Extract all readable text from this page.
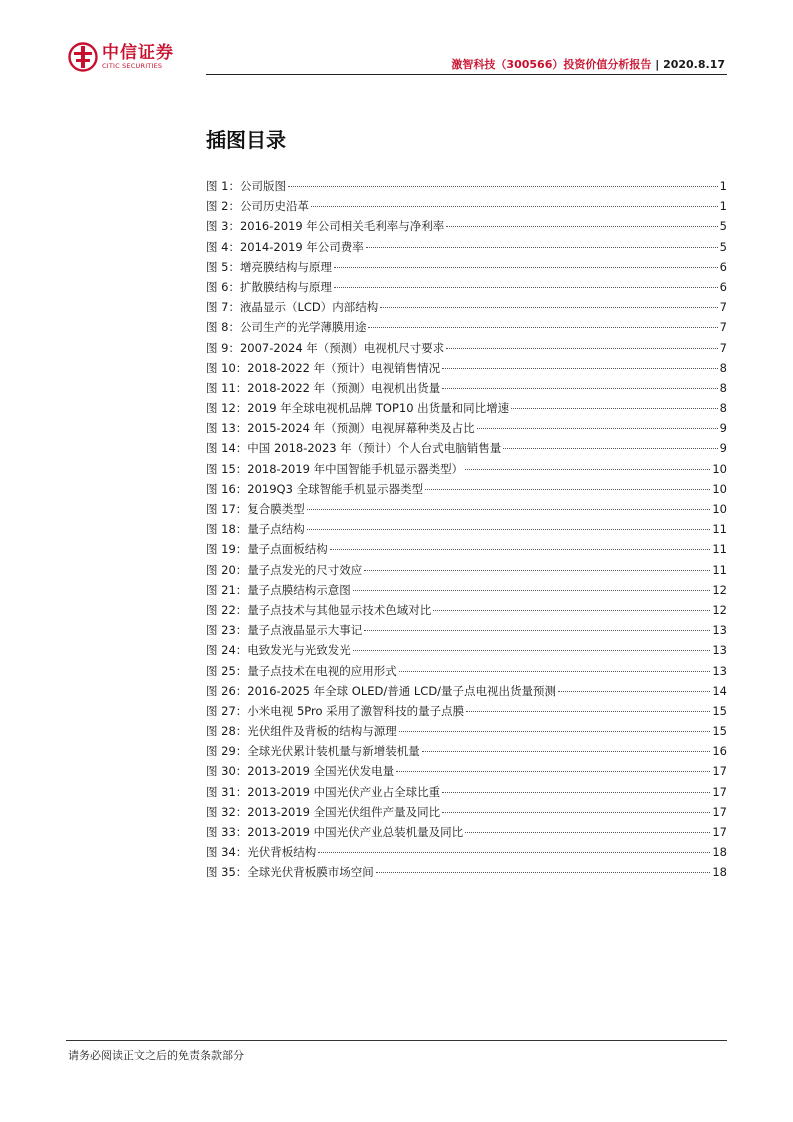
中信证券
CITIC SECURITIES	激智科技（300566）投资价值分析报告 | 2020.8.17
插图目录
图 1：公司版图	1
图 2：公司历史沿革	1
图 3：2016-2019 年公司相关毛利率与净利率	5
图 4：2014-2019 年公司费率	5
图 5：增亮膜结构与原理	6
图 6：扩散膜结构与原理	6
图 7：液晶显示（LCD）内部结构	7
图 8：公司生产的光学薄膜用途	7
图 9：2007-2024 年（预测）电视机尺寸要求	7
图 10：2018-2022 年（预计）电视销售情况	8
图 11：2018-2022 年（预测）电视机出货量	8
图 12：2019 年全球电视机品牌 TOP10 出货量和同比增速	8
图 13：2015-2024 年（预测）电视屏幕种类及占比	9
图 14：中国 2018-2023 年（预计）个人台式电脑销售量	9
图 15：2018-2019 年中国智能手机显示器类型）	10
图 16：2019Q3 全球智能手机显示器类型	10
图 17：复合膜类型	10
图 18：量子点结构	11
图 19：量子点面板结构	11
图 20：量子点发光的尺寸效应	11
图 21：量子点膜结构示意图	12
图 22：量子点技术与其他显示技术色域对比	12
图 23：量子点液晶显示大事记	13
图 24：电致发光与光致发光	13
图 25：量子点技术在电视的应用形式	13
图 26：2016-2025 年全球 OLED/普通 LCD/量子点电视出货量预测	14
图 27：小米电视 5Pro 采用了激智科技的量子点膜	15
图 28：光伏组件及背板的结构与源理	15
图 29：全球光伏累计装机量与新增装机量	16
图 30：2013-2019 全国光伏发电量	17
图 31：2013-2019 中国光伏产业占全球比重	17
图 32：2013-2019 全国光伏组件产量及同比	17
图 33：2013-2019 中国光伏产业总装机量及同比	17
图 34：光伏背板结构	18
图 35：全球光伏背板膜市场空间	18
请务必阅读正文之后的免责条款部分
